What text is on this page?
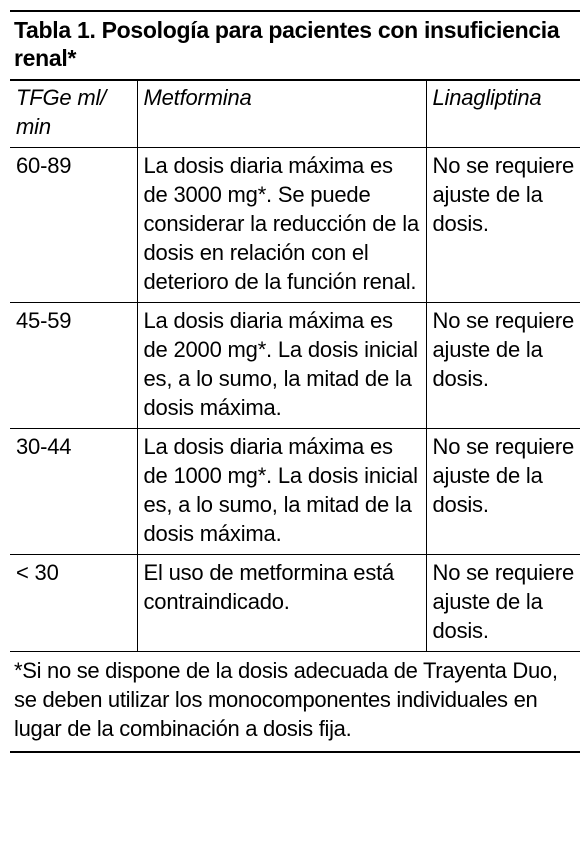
Tabla 1. Posología para pacientes con insuficiencia renal*
TFGe ml/ min	Metformina	Linagliptina
60-89	La dosis diaria máxima es de 3000 mg*. Se puede considerar la reducción de la dosis en relación con el deterioro de la función renal.	No se requiere ajuste de la dosis.
45-59	La dosis diaria máxima es de 2000 mg*. La dosis inicial es, a lo sumo, la mitad de la dosis máxima.	No se requiere ajuste de la dosis.
30-44	La dosis diaria máxima es de 1000 mg*. La dosis inicial es, a lo sumo, la mitad de la dosis máxima.	No se requiere ajuste de la dosis.
< 30	El uso de metformina está contraindicado.	No se requiere ajuste de la dosis.
*Si no se dispone de la dosis adecuada de Trayenta Duo, se deben utilizar los monocomponentes individuales en lugar de la combinación a dosis fija.
